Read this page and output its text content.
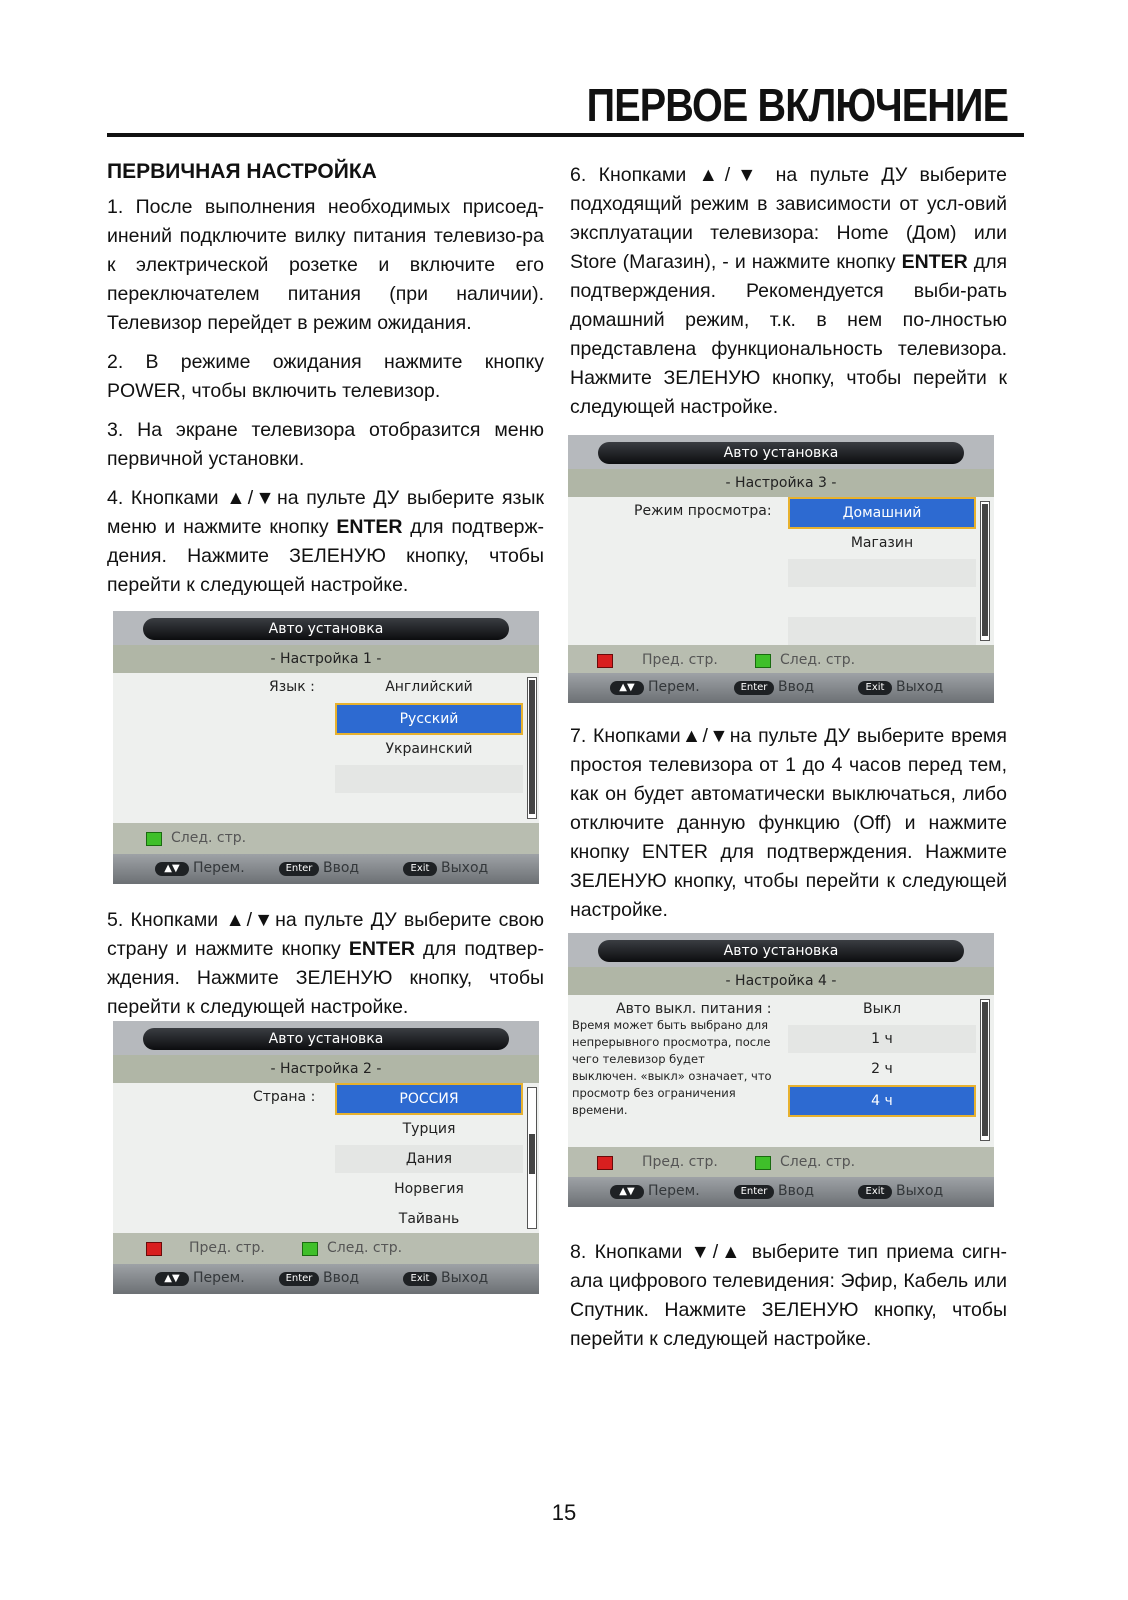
ПЕРВОЕ ВКЛЮЧЕНИЕ
ПЕРВИЧНАЯ НАСТРОЙКА

1. После выполнения необходимых присоед-инений подключите вилку питания телевизо-ра к электрической розетке и включите его переключателем питания (при наличии). Телевизор перейдет в режим ожидания.

2. В режиме ожидания нажмите кнопку POWER, чтобы включить телевизор.

3. На экране телевизора отобразится меню первичной установки.

4. Кнопками ▲/▼на пульте ДУ выберите язык меню и нажмите кнопку ENTER для подтверж-дения. Нажмите ЗЕЛЕНУЮ кнопку, чтобы перейти к следующей настройке.

Авто установка
- Настройка 1 -
Язык :	Английский
Русский
Украинский
След. стр.
▲▼ Перем.	Enter Ввод	Exit Выход

5. Кнопками ▲/▼на пульте ДУ выберите свою страну и нажмите кнопку ENTER для подтвер-ждения. Нажмите ЗЕЛЕНУЮ кнопку, чтобы перейти к следующей настройке.

Авто установка
- Настройка 2 -
Страна :	РОССИЯ
Турция
Дания
Норвегия
Тайвань
Пред. стр.	След. стр.
▲▼ Перем.	Enter Ввод	Exit Выход

6. Кнопками ▲/▼ на пульте ДУ выберите подходящий режим в зависимости от усл-овий эксплуатации телевизора: Home (Дом) или Store (Магазин), - и нажмите кнопку ENTER для подтверждения. Рекомендуется выби-рать домашний режим, т.к. в нем по-лностью представлена функциональность телевизора. Нажмите ЗЕЛЕНУЮ кнопку, чтобы перейти к следующей настройке.

Авто установка
- Настройка 3 -
Режим просмотра:	Домашний
Магазин
Пред. стр.	След. стр.
▲▼ Перем.	Enter Ввод	Exit Выход

7. Кнопками▲/▼на пульте ДУ выберите время простоя телевизора от 1 до 4 часов перед тем, как он будет автоматически выключаться, либо отключите данную функцию (Off) и нажмите кнопку ENTER для подтверждения. Нажмите ЗЕЛЕНУЮ кнопку, чтобы перейти к следующей настройке.

Авто установка
- Настройка 4 -
Авто выкл. питания :
Время может быть выбрано для непрерывного просмотра, после чего телевизор будет выключен. «выкл» означает, что просмотр без ограничения времени.
Выкл
1 ч
2 ч
4 ч
Пред. стр.	След. стр.
▲▼ Перем.	Enter Ввод	Exit Выход

8. Кнопками ▼/▲ выберите тип приема сигн-ала цифрового телевидения: Эфир, Кабель или Спутник. Нажмите ЗЕЛЕНУЮ кнопку, чтобы перейти к следующей настройке.

15
